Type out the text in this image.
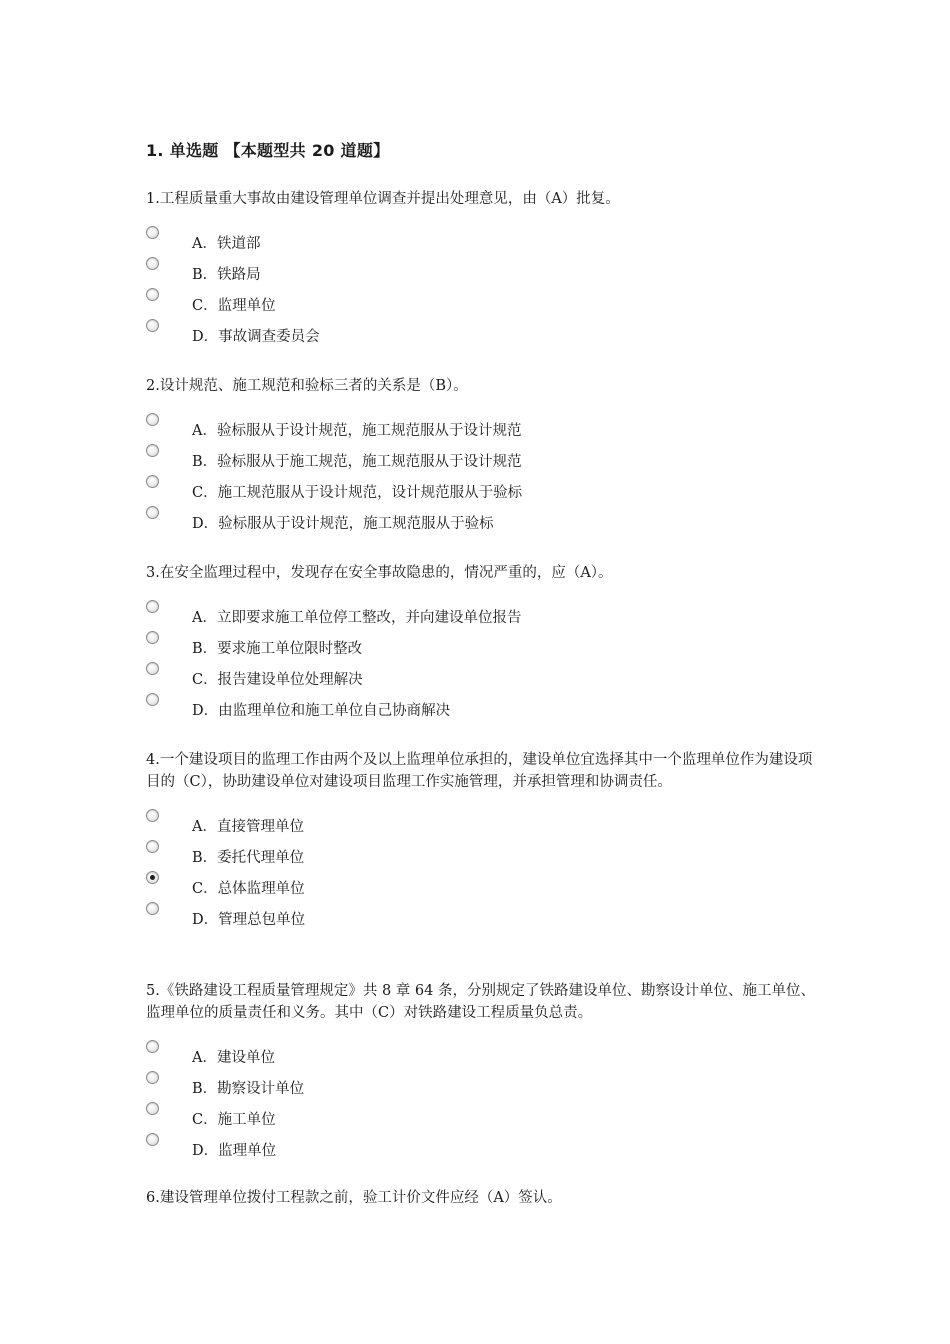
1. 单选题 【本题型共 20 道题】

1.工程质量重大事故由建设管理单位调查并提出处理意见，由（A）批复。

A．铁道部
B．铁路局
C．监理单位
D．事故调查委员会

2.设计规范、施工规范和验标三者的关系是（B）。

A．验标服从于设计规范，施工规范服从于设计规范
B．验标服从于施工规范，施工规范服从于设计规范
C．施工规范服从于设计规范，设计规范服从于验标
D．验标服从于设计规范，施工规范服从于验标

3.在安全监理过程中，发现存在安全事故隐患的，情况严重的，应（A）。

A．立即要求施工单位停工整改，并向建设单位报告
B．要求施工单位限时整改
C．报告建设单位处理解决
D．由监理单位和施工单位自己协商解决

4.一个建设项目的监理工作由两个及以上监理单位承担的，建设单位宜选择其中一个监理单位作为建设项目的（C），协助建设单位对建设项目监理工作实施管理，并承担管理和协调责任。

A．直接管理单位
B．委托代理单位
C．总体监理单位
D．管理总包单位

5.《铁路建设工程质量管理规定》共 8 章 64 条，分别规定了铁路建设单位、勘察设计单位、施工单位、监理单位的质量责任和义务。其中（C）对铁路建设工程质量负总责。

A．建设单位
B．勘察设计单位
C．施工单位
D．监理单位

6.建设管理单位拨付工程款之前，验工计价文件应经（A）签认。
